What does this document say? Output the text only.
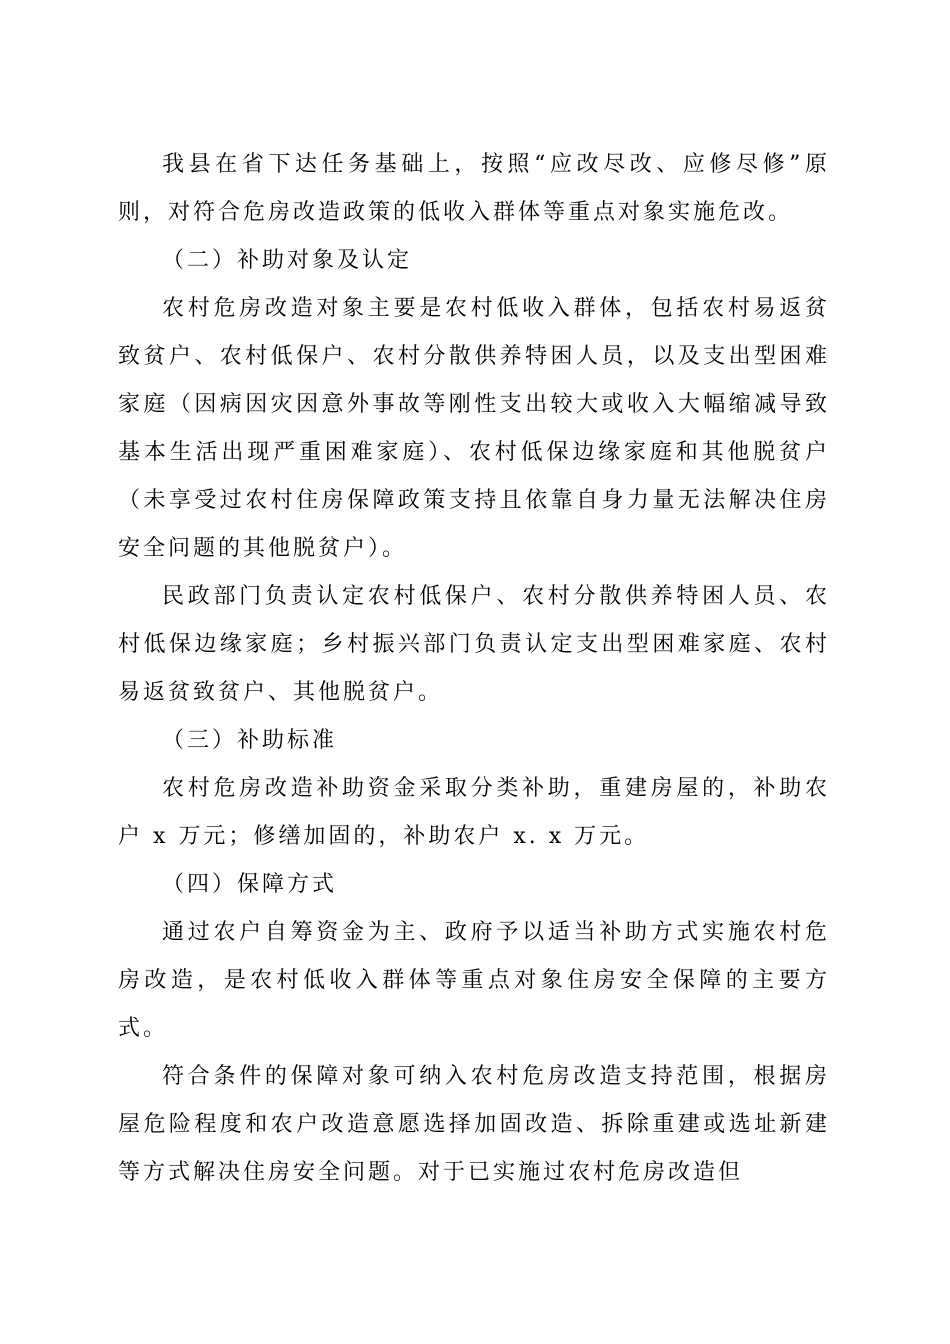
我县在省下达任务基础上，按照“应改尽改、应修尽修”原则，对符合危房改造政策的低收入群体等重点对象实施危改。

（二）补助对象及认定

农村危房改造对象主要是农村低收入群体，包括农村易返贫致贫户、农村低保户、农村分散供养特困人员，以及支出型困难家庭（因病因灾因意外事故等刚性支出较大或收入大幅缩减导致基本生活出现严重困难家庭）、农村低保边缘家庭和其他脱贫户（未享受过农村住房保障政策支持且依靠自身力量无法解决住房安全问题的其他脱贫户）。

民政部门负责认定农村低保户、农村分散供养特困人员、农村低保边缘家庭；乡村振兴部门负责认定支出型困难家庭、农村易返贫致贫户、其他脱贫户。

（三）补助标准

农村危房改造补助资金采取分类补助，重建房屋的，补助农户 x 万元；修缮加固的，补助农户 x. x 万元。

（四）保障方式

通过农户自筹资金为主、政府予以适当补助方式实施农村危房改造，是农村低收入群体等重点对象住房安全保障的主要方式。

符合条件的保障对象可纳入农村危房改造支持范围，根据房屋危险程度和农户改造意愿选择加固改造、拆除重建或选址新建等方式解决住房安全问题。对于已实施过农村危房改造但
